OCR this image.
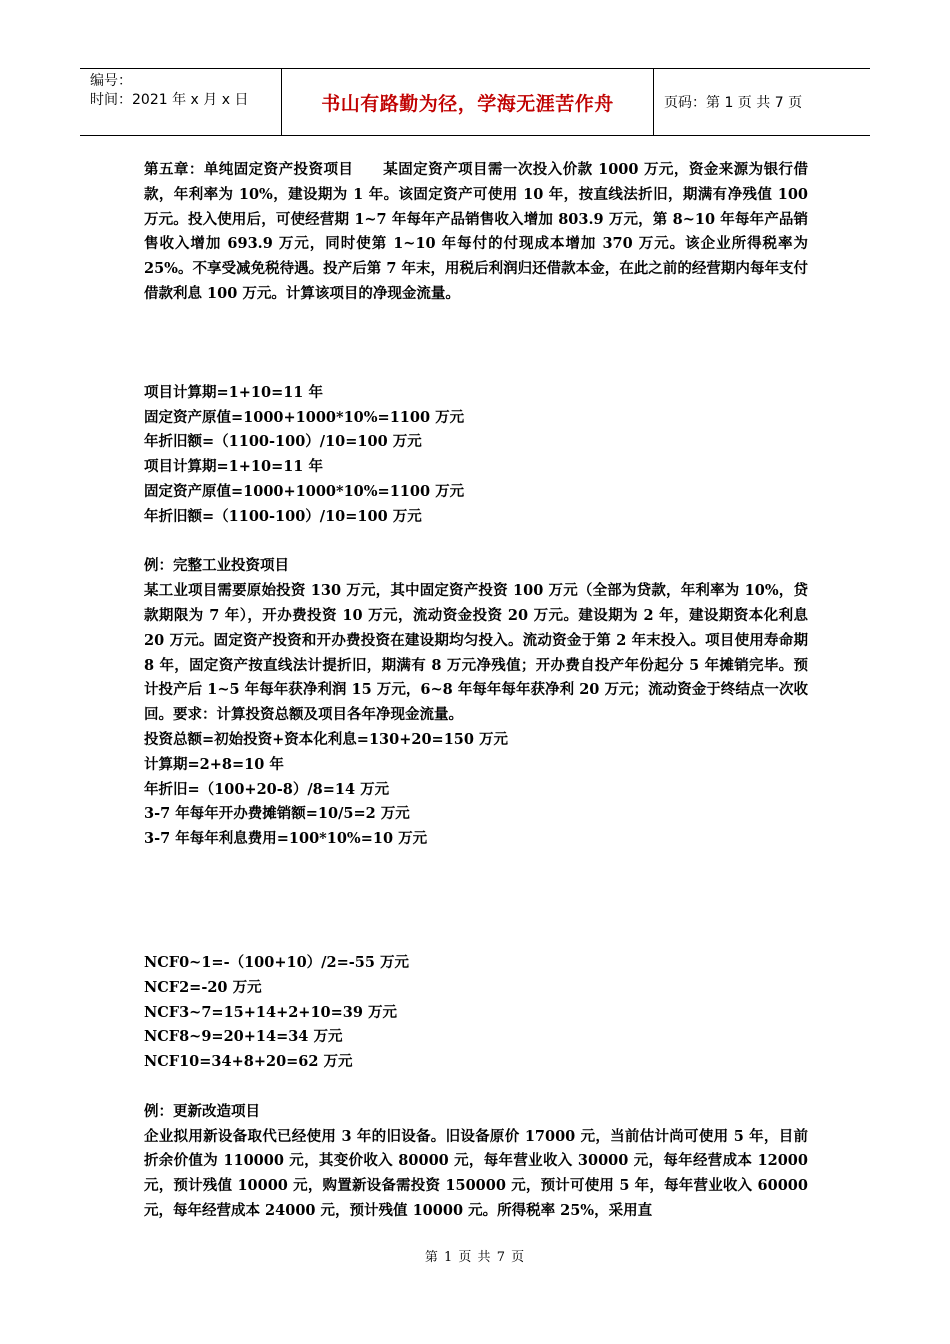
编号：
时间：2021 年 x 月 x 日	书山有路勤为径，学海无涯苦作舟	页码：第 1 页 共 7 页

第五章：单纯固定资产投资项目　　某固定资产项目需一次投入价款 1000 万元，资金来源为银行借款，年利率为 10%，建设期为 1 年。该固定资产可使用 10 年，按直线法折旧，期满有净残值 100 万元。投入使用后，可使经营期 1~7 年每年产品销售收入增加 803.9 万元，第 8~10 年每年产品销售收入增加 693.9 万元，同时使第 1~10 年每付的付现成本增加 370 万元。该企业所得税率为 25%。不享受减免税待遇。投产后第 7 年末，用税后利润归还借款本金，在此之前的经营期内每年支付借款利息 100 万元。计算该项目的净现金流量。

项目计算期=1+10=11 年

固定资产原值=1000+1000*10%=1100 万元

年折旧额=（1100-100）/10=100 万元

项目计算期=1+10=11 年

固定资产原值=1000+1000*10%=1100 万元

年折旧额=（1100-100）/10=100 万元

例：完整工业投资项目

某工业项目需要原始投资 130 万元，其中固定资产投资 100 万元（全部为贷款，年利率为 10%，贷款期限为 7 年），开办费投资 10 万元，流动资金投资 20 万元。建设期为 2 年，建设期资本化利息 20 万元。固定资产投资和开办费投资在建设期均匀投入。流动资金于第 2 年末投入。项目使用寿命期 8 年，固定资产按直线法计提折旧，期满有 8 万元净残值；开办费自投产年份起分 5 年摊销完毕。预计投产后 1~5 年每年获净利润 15 万元，6~8 年每年每年获净利 20 万元；流动资金于终结点一次收回。要求：计算投资总额及项目各年净现金流量。

投资总额=初始投资+资本化利息=130+20=150 万元

计算期=2+8=10 年

年折旧=（100+20-8）/8=14 万元

3-7 年每年开办费摊销额=10/5=2 万元

3-7 年每年利息费用=100*10%=10 万元

NCF0~1=-（100+10）/2=-55 万元

NCF2=-20 万元

NCF3~7=15+14+2+10=39 万元

NCF8~9=20+14=34 万元

NCF10=34+8+20=62 万元

例：更新改造项目

企业拟用新设备取代已经使用 3 年的旧设备。旧设备原价 17000 元，当前估计尚可使用 5 年，目前折余价值为 110000 元，其变价收入 80000 元，每年营业收入 30000 元，每年经营成本 12000 元，预计残值 10000 元，购置新设备需投资 150000 元，预计可使用 5 年，每年营业收入 60000 元，每年经营成本 24000 元，预计残值 10000 元。所得税率 25%，采用直

第 1 页 共 7 页
